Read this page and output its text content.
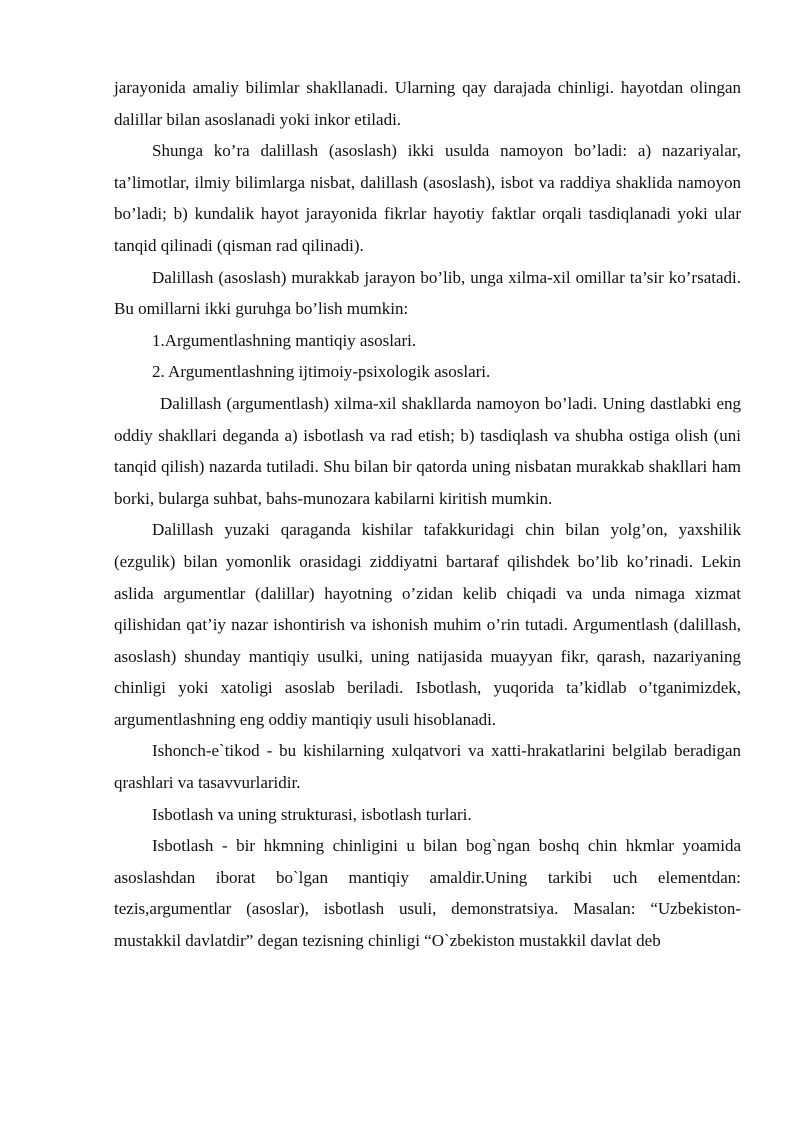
jarayonida amaliy bilimlar shakllanadi. Ularning qay darajada chinligi. hayotdan olingan dalillar bilan asoslanadi yoki inkor etiladi.

Shunga ko’ra dalillash (asoslash) ikki usulda namoyon bo’ladi: a) nazariyalar, ta’limotlar, ilmiy bilimlarga nisbat, dalillash (asoslash), isbot va raddiya shaklida namoyon bo’ladi; b) kundalik hayot jarayonida fikrlar hayotiy faktlar orqali tasdiqlanadi yoki ular tanqid qilinadi (qisman rad qilinadi).

Dalillash (asoslash) murakkab jarayon bo’lib, unga xilma-xil omillar ta’sir ko’rsatadi. Bu omillarni ikki guruhga bo’lish mumkin:

1.Argumentlashning mantiqiy asoslari.

2. Argumentlashning ijtimoiy-psixologik asoslari.

Dalillash (argumentlash) xilma-xil shakllarda namoyon bo’ladi. Uning dastlabki eng oddiy shakllari deganda a) isbotlash va rad etish; b) tasdiqlash va shubha ostiga olish (uni tanqid qilish) nazarda tutiladi. Shu bilan bir qatorda uning nisbatan murakkab shakllari ham borki, bularga suhbat, bahs-munozara kabilarni kiritish mumkin.

Dalillash yuzaki qaraganda kishilar tafakkuridagi chin bilan yolg’on, yaxshilik (ezgulik) bilan yomonlik orasidagi ziddiyatni bartaraf qilishdek bo’lib ko’rinadi. Lekin aslida argumentlar (dalillar) hayotning o’zidan kelib chiqadi va unda nimaga xizmat qilishidan qat’iy nazar ishontirish va ishonish muhim o’rin tutadi. Argumentlash (dalillash, asoslash) shunday mantiqiy usulki, uning natijasida muayyan fikr, qarash, nazariyaning chinligi yoki xatoligi asoslab beriladi. Isbotlash, yuqorida ta’kidlab o’tganimizdek, argumentlashning eng oddiy mantiqiy usuli hisoblanadi.

Ishonch-e`tikod - bu kishilarning xulqatvori va xatti-hrakatlarini belgilab beradigan qrashlari va tasavvurlaridir.

Isbotlash va uning strukturasi, isbotlash turlari.

Isbotlash - bir hkmning chinligini u bilan bog`ngan boshq chin hkmlar yoamida asoslashdan iborat bo`lgan mantiqiy amaldir.Uning tarkibi uch elementdan: tezis,argumentlar (asoslar), isbotlash usuli, demonstratsiya. Masalan: “Uzbekiston-mustakkil davlatdir” degan tezisning chinligi “O`zbekiston mustakkil davlat deb
